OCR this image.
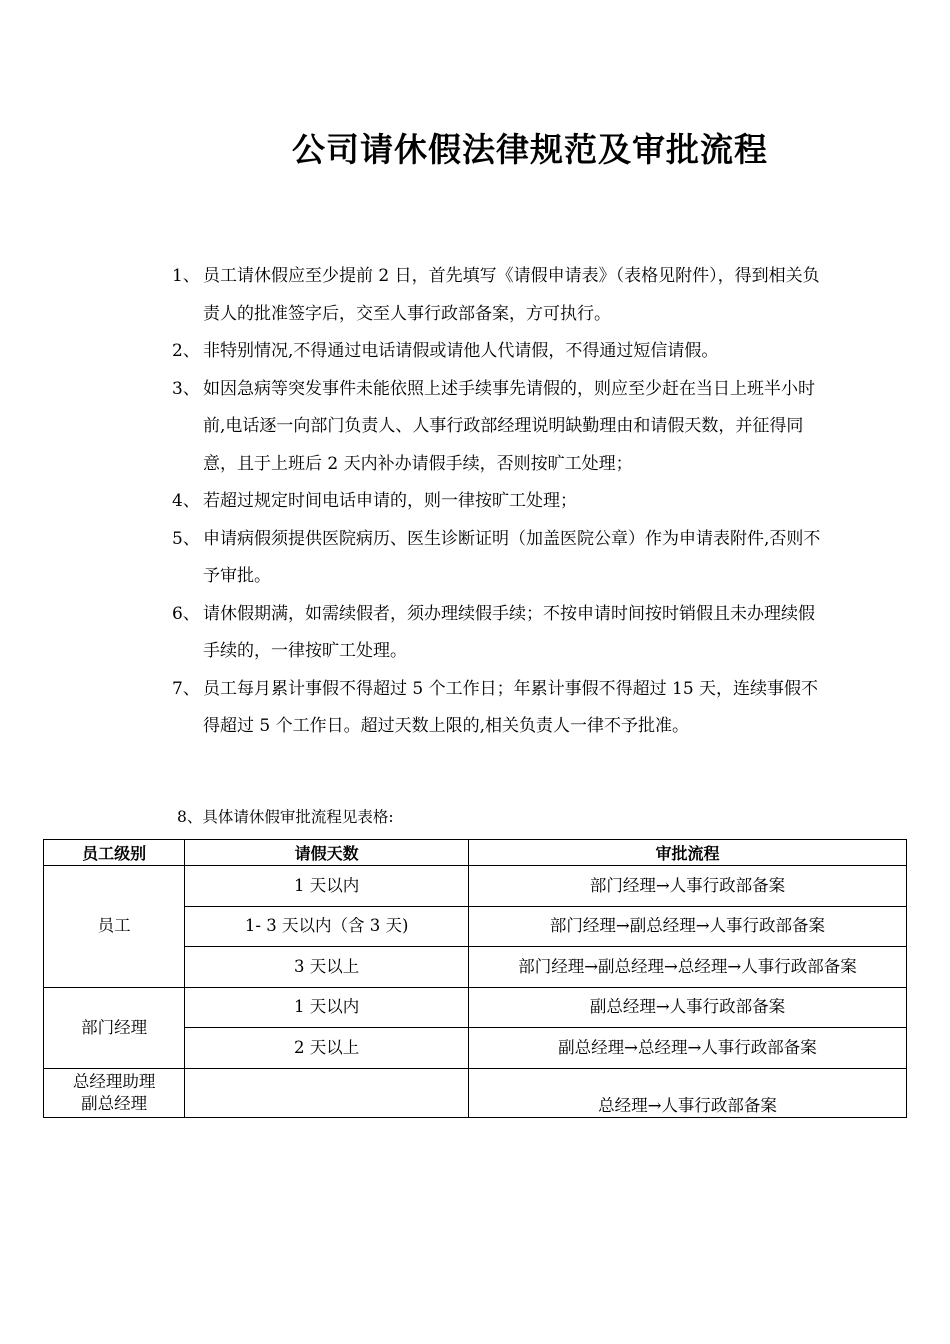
公司请休假法律规范及审批流程
1、 员工请休假应至少提前 2 日，首先填写《请假申请表》（表格见附件），得到相关负责人的批准签字后，交至人事行政部备案，方可执行。
2、 非特别情况,不得通过电话请假或请他人代请假，不得通过短信请假。
3、 如因急病等突发事件未能依照上述手续事先请假的，则应至少赶在当日上班半小时前,电话逐一向部门负责人、人事行政部经理说明缺勤理由和请假天数，并征得同意，且于上班后 2 天内补办请假手续，否则按旷工处理；
4、 若超过规定时间电话申请的，则一律按旷工处理；
5、 申请病假须提供医院病历、医生诊断证明（加盖医院公章）作为申请表附件,否则不予审批。
6、 请休假期满，如需续假者，须办理续假手续；不按申请时间按时销假且未办理续假手续的，一律按旷工处理。
7、 员工每月累计事假不得超过 5 个工作日；年累计事假不得超过 15 天，连续事假不得超过 5 个工作日。超过天数上限的,相关负责人一律不予批准。
8、具体请休假审批流程见表格:
员工级别	请假天数	审批流程
员工	1 天以内	部门经理→人事行政部备案
	1- 3 天以内（含 3 天)	部门经理→副总经理→人事行政部备案
	3 天以上	部门经理→副总经理→总经理→人事行政部备案
部门经理	1 天以内	副总经理→人事行政部备案
	2 天以上	副总经理→总经理→人事行政部备案

总经理助理
副总经理		总经理→人事行政部备案
